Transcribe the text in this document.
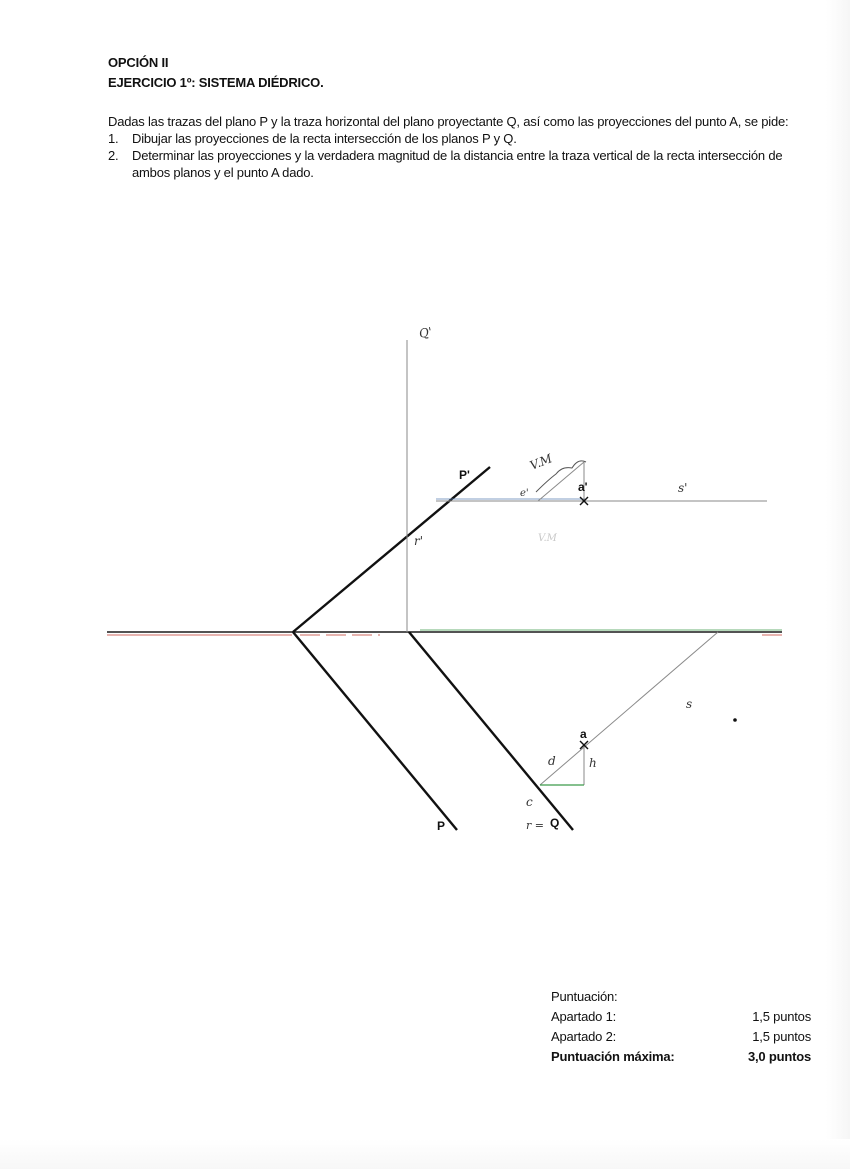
OPCIÓN II
EJERCICIO 1º: SISTEMA DIÉDRICO.

Dadas las trazas del plano P y la traza horizontal del plano proyectante Q, así como las proyecciones del punto A, se pide:

1. Dibujar las proyecciones de la recta intersección de los planos P y Q.
2. Determinar las proyecciones y la verdadera magnitud de la distancia entre la traza vertical de la recta intersección de ambos planos y el punto A dado.
P'
P	Q
a'
a
Q'
V.M
V.M
r'
s'
e'
s
d	h
c
r =
Puntuación:
Apartado 1:	1,5 puntos
Apartado 2:	1,5 puntos
Puntuación máxima:	3,0 puntos
